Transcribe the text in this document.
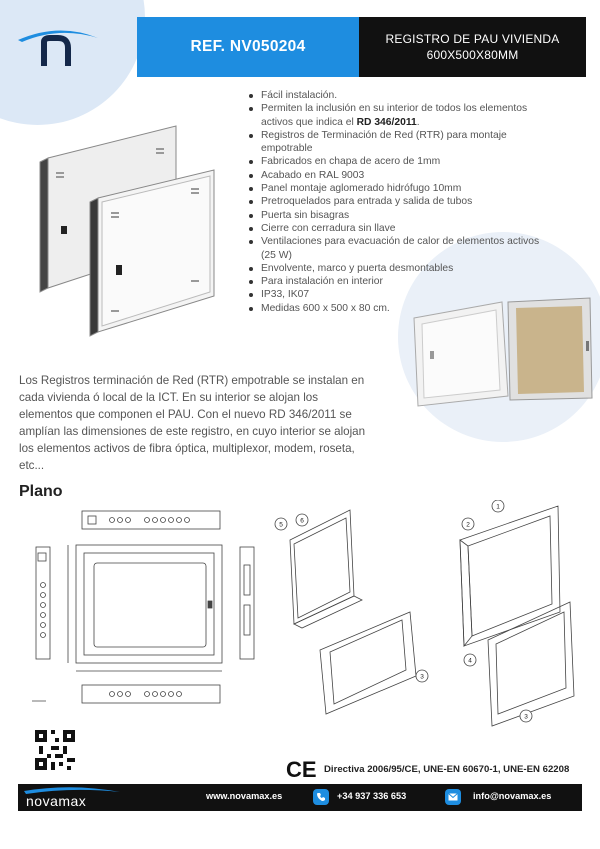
REF. NV050204	REGISTRO DE PAU VIVIENDA
600X500X80MM
Fácil instalación.
Permiten la inclusión en su interior de todos los elementos activos que indica el RD 346/2011.
Registros de Terminación de Red (RTR) para montaje empotrable
Fabricados en chapa de acero de 1mm
Acabado en RAL 9003
Panel montaje aglomerado hidrófugo 10mm
Pretroquelados para entrada y salida de tubos
Puerta sin bisagras
Cierre con cerradura sin llave
Ventilaciones para evacuación de calor de elementos activos (25 W)
Envolvente, marco y puerta desmontables
Para instalación en interior
IP33, IK07
Medidas 600 x 500 x 80 cm.

Los Registros terminación de Red (RTR) empotrable se instalan en cada vivienda ó local de la ICT. En su interior se alojan los elementos que componen el PAU. Con el nuevo RD 346/2011 se amplían las dimensiones de este registro, en cuyo interior se alojan los elementos activos de fibra óptica, multiplexor, modem, roseta, etc...

Plano
5
6
2
1
4
3
3
CE Directiva 2006/95/CE, UNE-EN 60670-1, UNE-EN 62208
novamax	www.novamax.es	+34 937 336 653	info@novamax.es
